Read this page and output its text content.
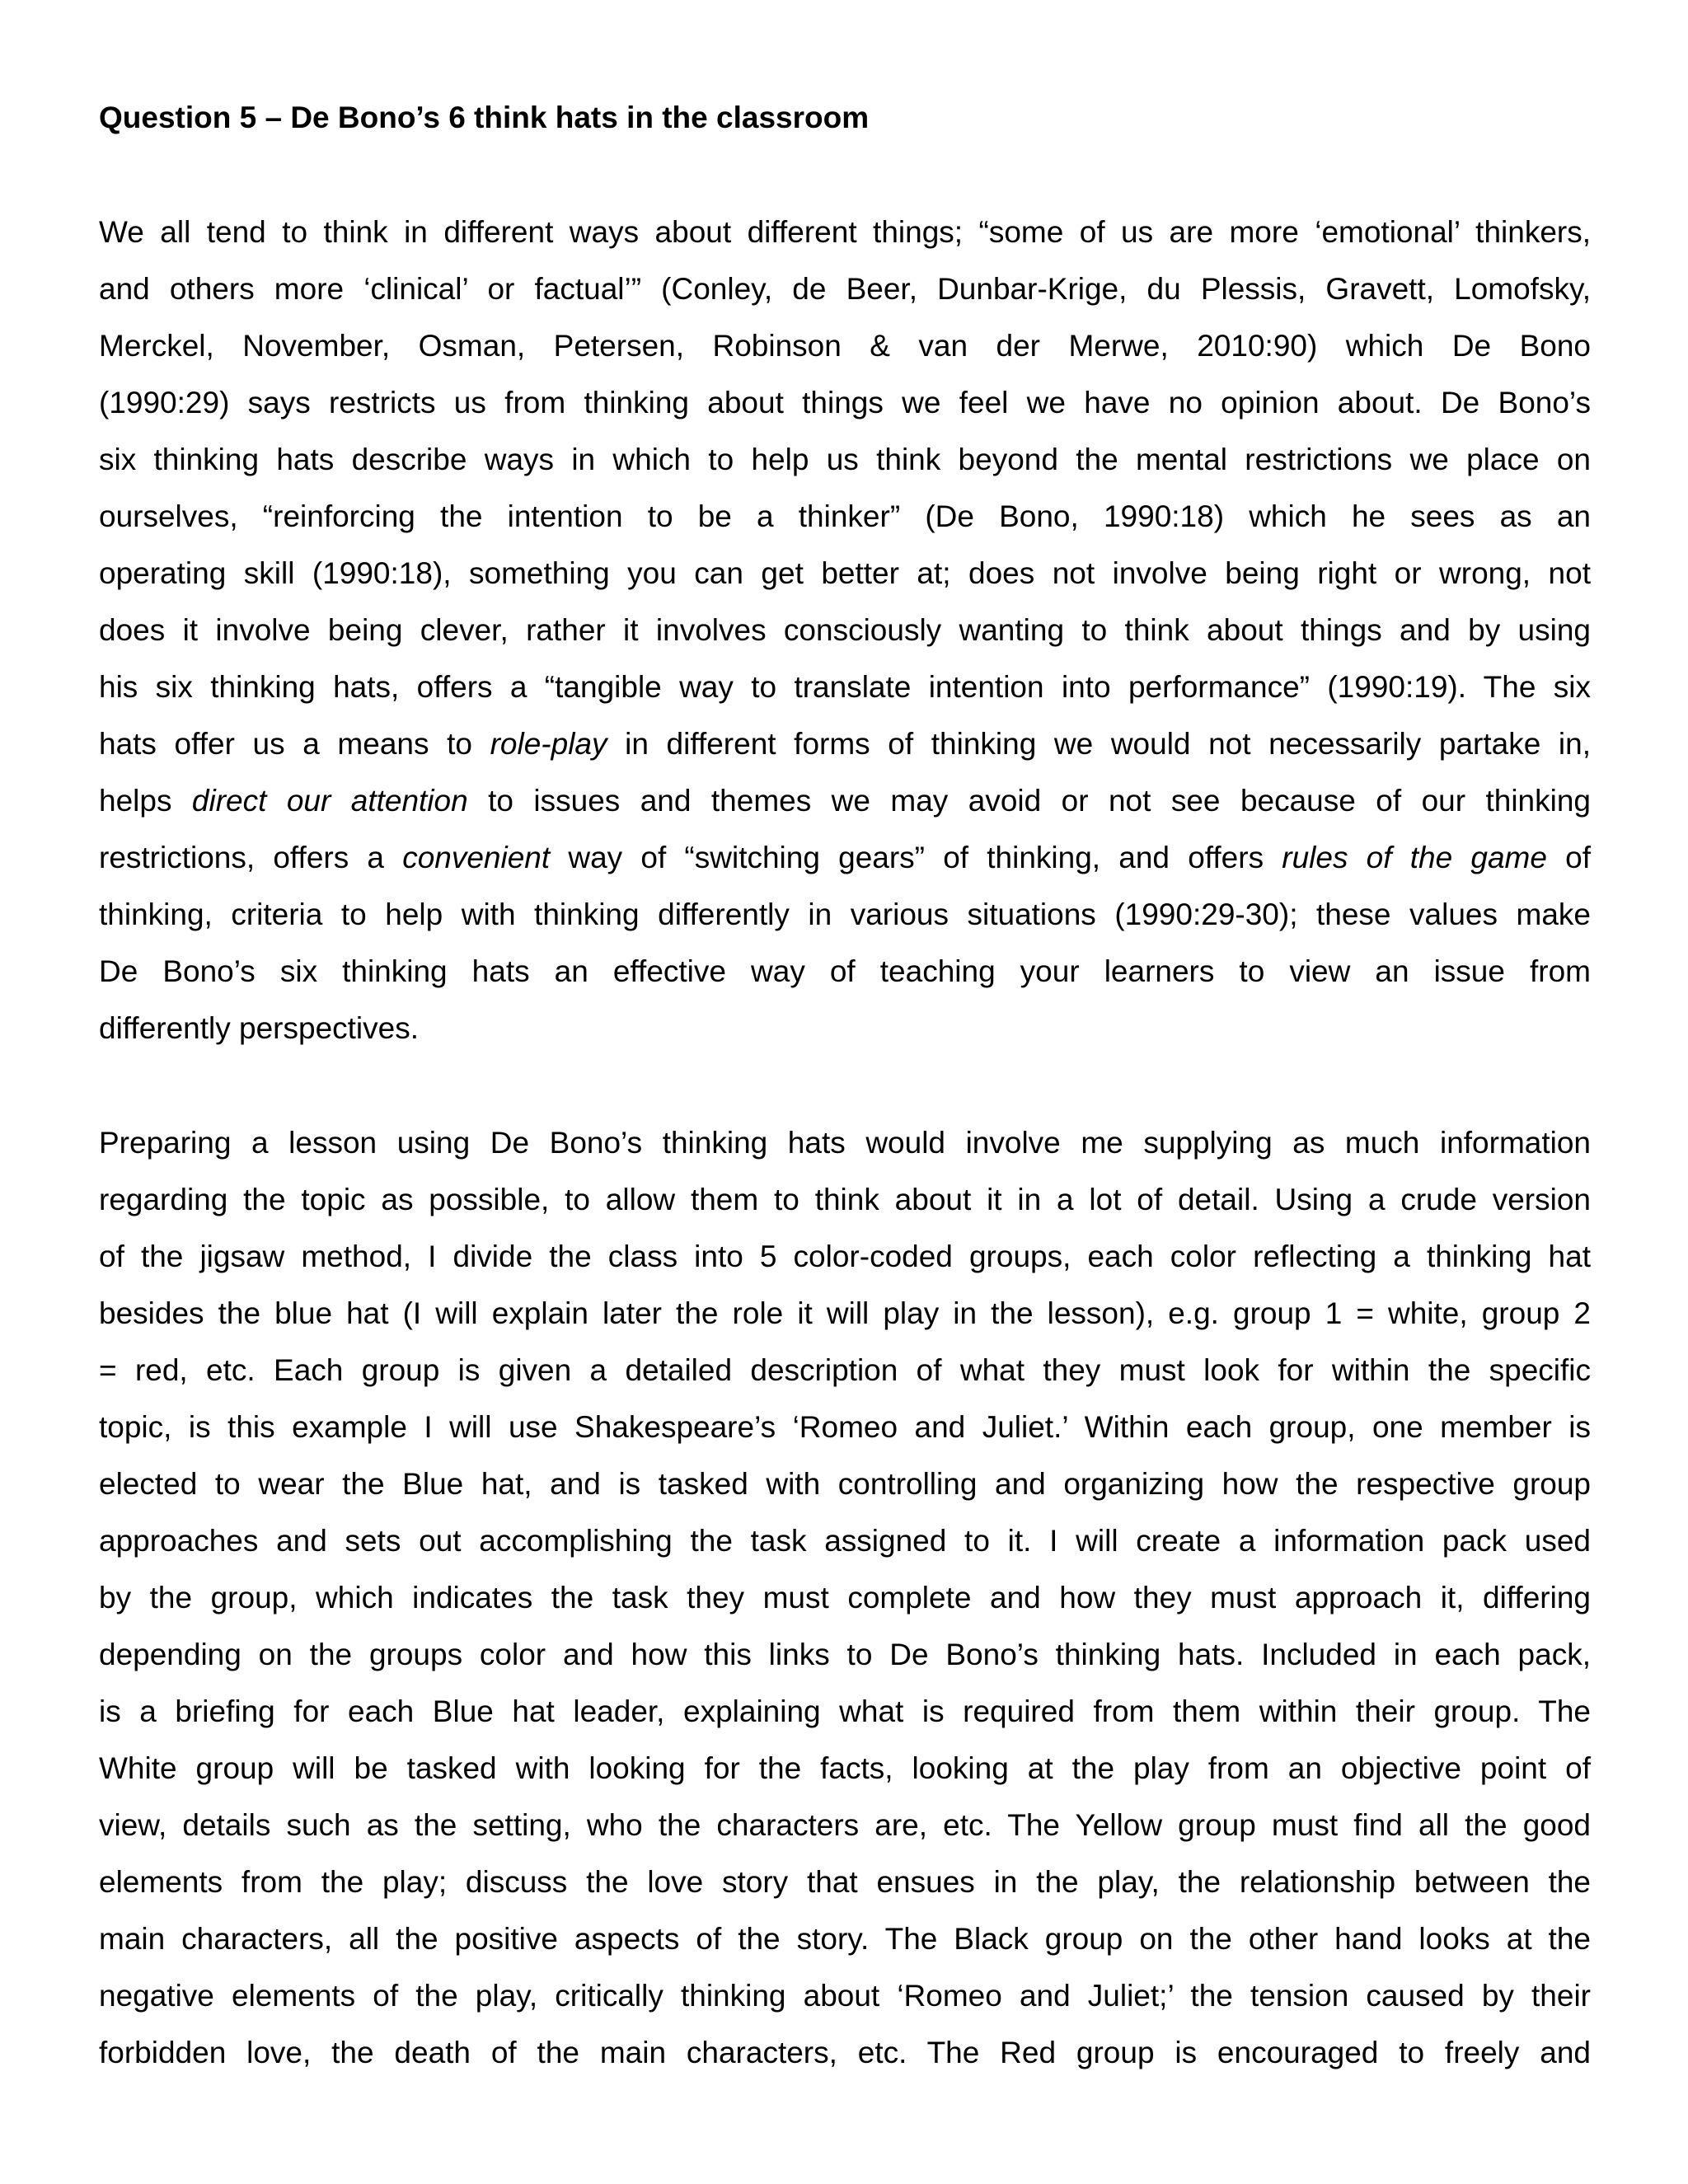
Question 5 – De Bono’s 6 think hats in the classroom
We all tend to think in different ways about different things; “some of us are more ‘emotional’ thinkers,
and others more ‘clinical’ or factual’” (Conley, de Beer, Dunbar-Krige, du Plessis, Gravett, Lomofsky,
Merckel, November, Osman, Petersen, Robinson & van der Merwe, 2010:90) which De Bono
(1990:29) says restricts us from thinking about things we feel we have no opinion about. De Bono’s
six thinking hats describe ways in which to help us think beyond the mental restrictions we place on
ourselves, “reinforcing the intention to be a thinker” (De Bono, 1990:18) which he sees as an
operating skill (1990:18), something you can get better at; does not involve being right or wrong, not
does it involve being clever, rather it involves consciously wanting to think about things and by using
his six thinking hats, offers a “tangible way to translate intention into performance” (1990:19). The six
hats offer us a means to role-play in different forms of thinking we would not necessarily partake in,
helps direct our attention to issues and themes we may avoid or not see because of our thinking
restrictions, offers a convenient way of “switching gears” of thinking, and offers rules of the game of
thinking, criteria to help with thinking differently in various situations (1990:29-30); these values make
De Bono’s six thinking hats an effective way of teaching your learners to view an issue from
differently perspectives.
Preparing a lesson using De Bono’s thinking hats would involve me supplying as much information
regarding the topic as possible, to allow them to think about it in a lot of detail. Using a crude version
of the jigsaw method, I divide the class into 5 color-coded groups, each color reflecting a thinking hat
besides the blue hat (I will explain later the role it will play in the lesson), e.g. group 1 = white, group 2
= red, etc. Each group is given a detailed description of what they must look for within the specific
topic, is this example I will use Shakespeare’s ‘Romeo and Juliet.’ Within each group, one member is
elected to wear the Blue hat, and is tasked with controlling and organizing how the respective group
approaches and sets out accomplishing the task assigned to it. I will create a information pack used
by the group, which indicates the task they must complete and how they must approach it, differing
depending on the groups color and how this links to De Bono’s thinking hats. Included in each pack,
is a briefing for each Blue hat leader, explaining what is required from them within their group. The
White group will be tasked with looking for the facts, looking at the play from an objective point of
view, details such as the setting, who the characters are, etc. The Yellow group must find all the good
elements from the play; discuss the love story that ensues in the play, the relationship between the
main characters, all the positive aspects of the story. The Black group on the other hand looks at the
negative elements of the play, critically thinking about ‘Romeo and Juliet;’ the tension caused by their
forbidden love, the death of the main characters, etc. The Red group is encouraged to freely and
